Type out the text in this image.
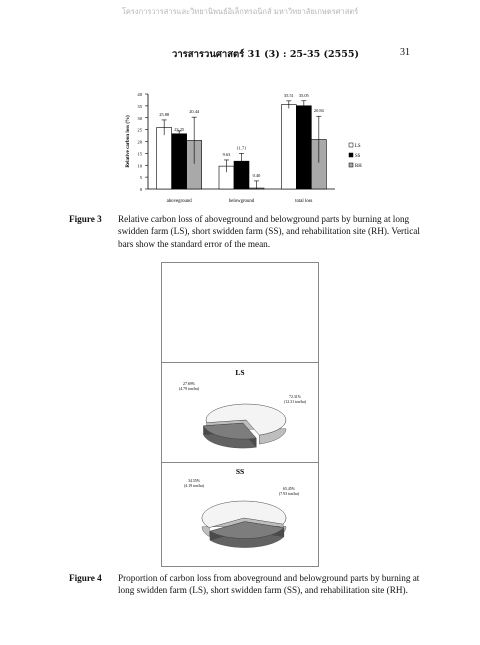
โครงการวารสารและวิทยานิพนธ์อิเล็กทรอนิกส์ มหาวิทยาลัยเกษตรศาสตร์
วารสารวนศาสตร์ 31 (3) : 25-35 (2555)	31
0
5
10
15
20
25
30
35
40
Relative carbon loss (%)
aboveground
25.88
23.25
20.44
belowground
9.63
11.71
0.40
total loss
35.51 35.05
20.84
LS
SS
RH
Figure 3 Relative carbon loss of aboveground and belowground parts by burning at long swidden farm (LS), short swidden farm (SS), and rehabilitation site (RH). Vertical bars show the standard error of the mean.
LS
72.31%
(12.31 ton/ha)
27.69%
(4.79 ton/ha)
SS
65.45%
(7.93 ton/ha)
34.55%
(4.19 ton/ha)
Figure 4 Proportion of carbon loss from aboveground and belowground parts by burning at long swidden farm (LS), short swidden farm (SS), and rehabilitation site (RH).
